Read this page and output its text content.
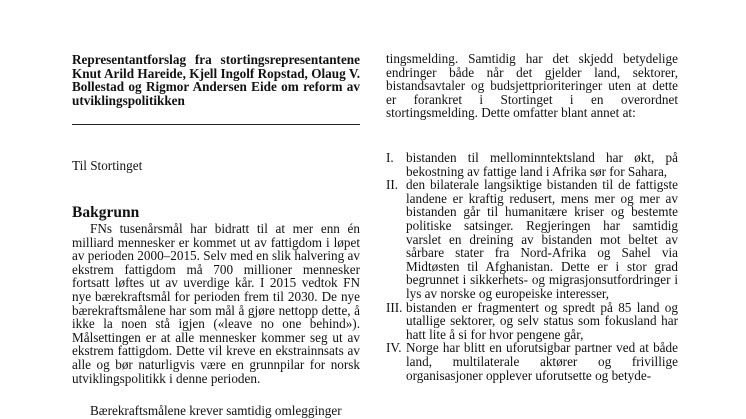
Representantforslag fra stortingsrepresentantene Knut Arild Hareide, Kjell Ingolf Ropstad, Olaug V. Bollestad og Rigmor Andersen Eide om reform av utviklingspolitikken

Til Stortinget

Bakgrunn

FNs tusenårsmål har bidratt til at mer enn én milliard mennesker er kommet ut av fattigdom i løpet av perioden 2000–2015. Selv med en slik halvering av ekstrem fattigdom må 700 millioner mennesker fortsatt løftes ut av uverdige kår. I 2015 vedtok FN nye bærekraftsmål for perioden frem til 2030. De nye bærekraftsmålene har som mål å gjøre nettopp dette, å ikke la noen stå igjen («leave no one behind»). Målsettingen er at alle mennesker kommer seg ut av ekstrem fattigdom. Dette vil kreve en ekstrainnsats av alle og bør naturligvis være en grunnpilar for norsk utviklingspolitikk i denne perioden.

Bærekraftsmålene krever samtidig omlegginger

tingsmelding. Samtidig har det skjedd betydelige endringer både når det gjelder land, sektorer, bistandsavtaler og budsjettprioriteringer uten at dette er forankret i Stortinget i en overordnet stortingsmelding. Dette omfatter blant annet at:

I. bistanden til mellominntektsland har økt, på bekostning av fattige land i Afrika sør for Sahara,
II. den bilaterale langsiktige bistanden til de fattigste landene er kraftig redusert, mens mer og mer av bistanden går til humanitære kriser og bestemte politiske satsinger. Regjeringen har samtidig varslet en dreining av bistanden mot beltet av sårbare stater fra Nord-Afrika og Sahel via Midtøsten til Afghanistan. Dette er i stor grad begrunnet i sikkerhets- og migrasjonsutfordringer i lys av norske og europeiske interesser,
III. bistanden er fragmentert og spredt på 85 land og utallige sektorer, og selv status som fokusland har hatt lite å si for hvor pengene går,
IV. Norge har blitt en uforutsigbar partner ved at både land, multilaterale aktører og frivillige organisasjoner opplever uforutsette og betyde-
